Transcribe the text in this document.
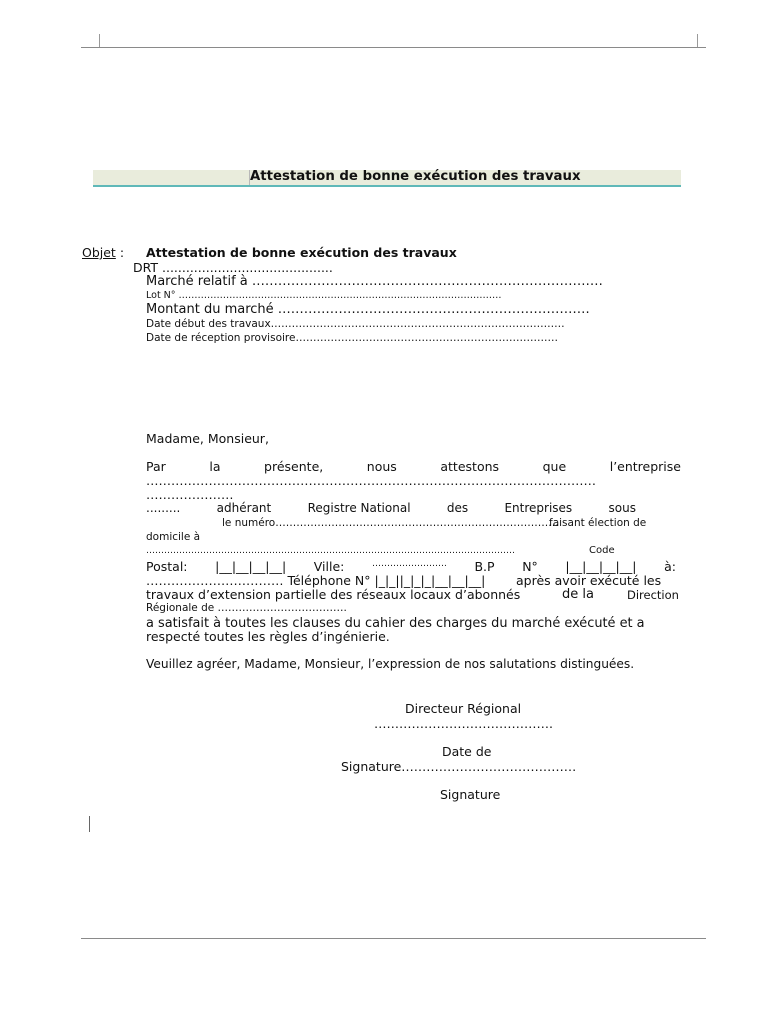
Attestation de bonne exécution des travaux
Objet : Attestation de bonne exécution des travaux
DRT ...........................................
Marché relatif à ………………………………………………………………………
Lot N° …………………………………………………………………………………………
Montant du marché ………………………………………………………………
Date début des travaux…………………………………………………………………………
Date de réception provisoire…………………………………………………………………
Madame, Monsieur,
Par	la	présente,	nous	attestons	que	l’entreprise
………………………………………………………………………………………………
…………………
.........	adhérant	Registre National	des	Entreprises	sous
le numéro………………………………………………………………………
faisant élection de
domicile à
……………………………………………………………………………………………………………	Code
Postal: |__|__|__|__| Ville:	……………………. B.P N° |__|__|__|__| à:
…………………………… Téléphone N° |_|_||_|_|_|__|__|__| après avoir exécuté les
travaux d’extension partielle des réseaux locaux d’abonnés	de la	Direction
Régionale de ……………………………….
a satisfait à toutes les clauses du cahier des charges du marché exécuté et a
respecté toutes les règles d’ingénierie.
Veuillez agréer, Madame, Monsieur, l’expression de nos salutations distinguées.
Directeur Régional
…………………………………….
Date de
Signature……………………………………
Signature
